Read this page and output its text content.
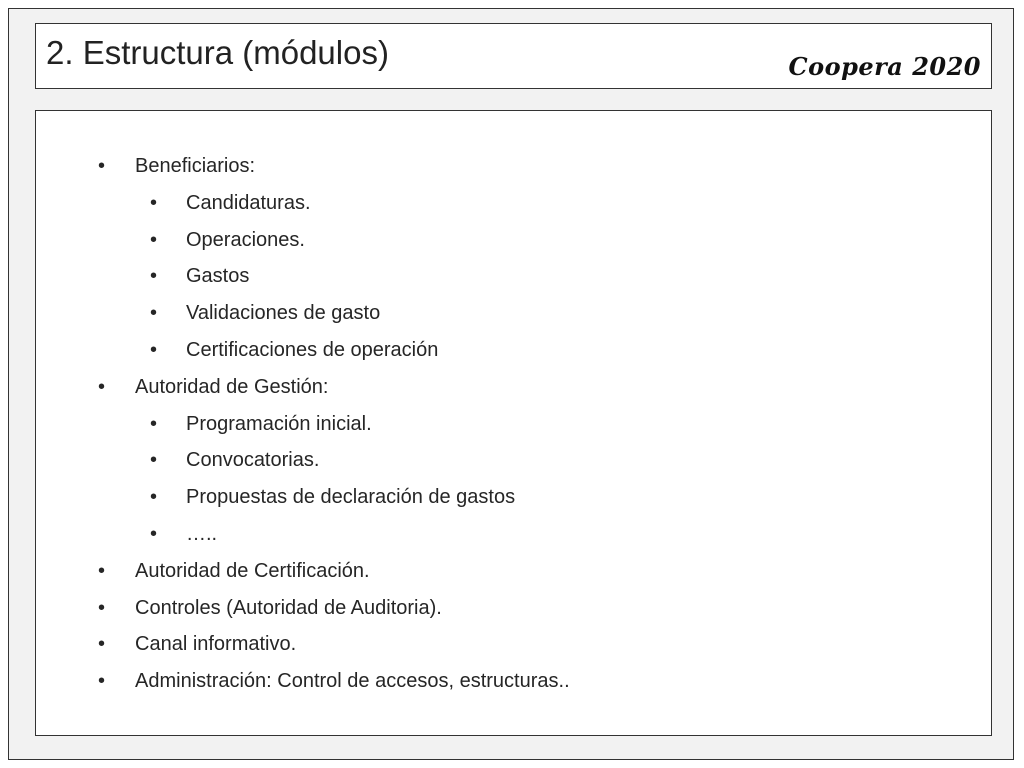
2. Estructura (módulos)	Coopera 2020
• Beneficiarios:
• Candidaturas.
• Operaciones.
• Gastos
• Validaciones de gasto
• Certificaciones de operación
• Autoridad de Gestión:
• Programación inicial.
• Convocatorias.
• Propuestas de declaración de gastos
• …..
• Autoridad de Certificación.
• Controles (Autoridad de Auditoria).
• Canal informativo.
• Administración: Control de accesos, estructuras..
